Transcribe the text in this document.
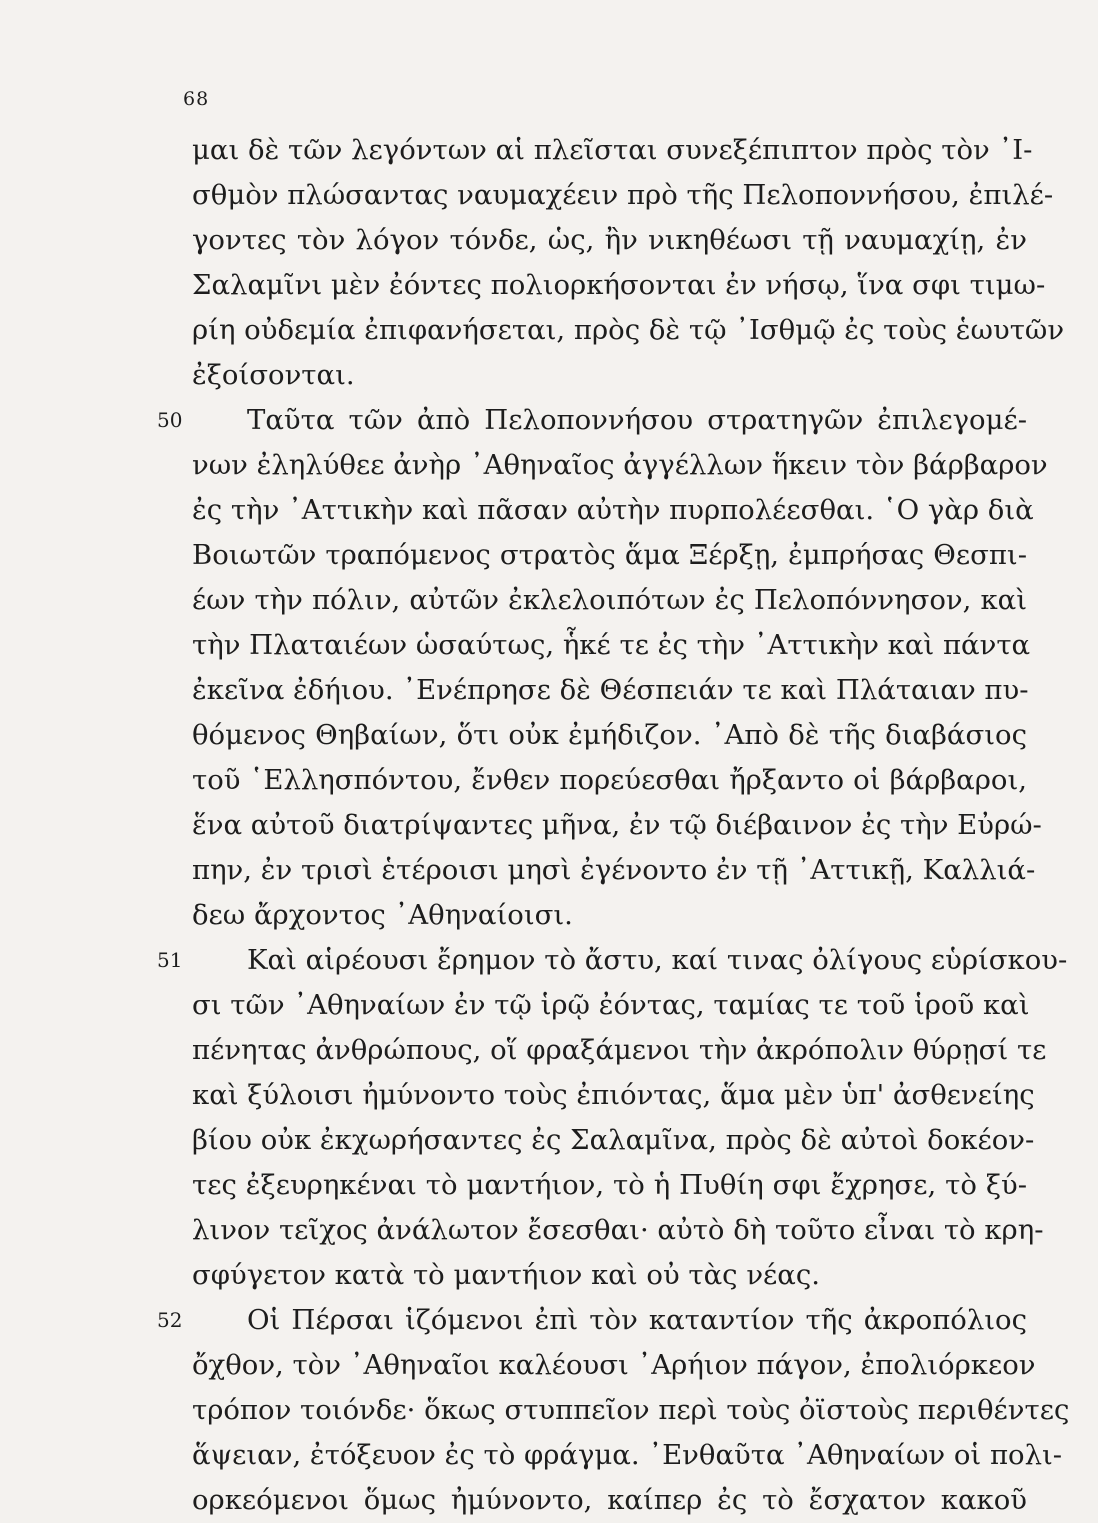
68
μαι δὲ τῶν λεγόντων αἱ πλεῖσται συνεξέπιπτον πρὸς τὸν ᾿Ι-
σθμὸν πλώσαντας ναυμαχέειν πρὸ τῆς Πελοποννήσου, ἐπιλέ-
γοντες τὸν λόγον τόνδε, ὡς, ἢν νικηθέωσι τῇ ναυμαχίῃ, ἐν
Σαλαμῖνι μὲν ἐόντες πολιορκήσονται ἐν νήσῳ, ἵνα σφι τιμω-
ρίη οὐδεμία ἐπιφανήσεται, πρὸς δὲ τῷ ᾿Ισθμῷ ἐς τοὺς ἑωυτῶν
ἐξοίσονται.
50	Ταῦτα τῶν ἀπὸ Πελοποννήσου στρατηγῶν ἐπιλεγομέ-
νων ἐληλύθεε ἀνὴρ ᾿Αθηναῖος ἀγγέλλων ἥκειν τὸν βάρβαρον
ἐς τὴν ᾿Αττικὴν καὶ πᾶσαν αὐτὴν πυρπολέεσθαι. ῾Ο γὰρ διὰ
Βοιωτῶν τραπόμενος στρατὸς ἅμα Ξέρξῃ, ἐμπρήσας Θεσπι-
έων τὴν πόλιν, αὐτῶν ἐκλελοιπότων ἐς Πελοπόννησον, καὶ
τὴν Πλαταιέων ὡσαύτως, ἧκέ τε ἐς τὴν ᾿Αττικὴν καὶ πάντα
ἐκεῖνα ἐδήιου. ᾿Ενέπρησε δὲ Θέσπειάν τε καὶ Πλάταιαν πυ-
θόμενος Θηβαίων, ὅτι οὐκ ἐμήδιζον. ᾿Απὸ δὲ τῆς διαβάσιος
τοῦ ῾Ελλησπόντου, ἔνθεν πορεύεσθαι ἤρξαντο οἱ βάρβαροι,
ἕνα αὐτοῦ διατρίψαντες μῆνα, ἐν τῷ διέβαινον ἐς τὴν Εὐρώ-
πην, ἐν τρισὶ ἑτέροισι μησὶ ἐγένοντο ἐν τῇ ᾿Αττικῇ, Καλλιά-
δεω ἄρχοντος ᾿Αθηναίοισι.
51	Καὶ αἱρέουσι ἔρημον τὸ ἄστυ, καί τινας ὀλίγους εὑρίσκου-
σι τῶν ᾿Αθηναίων ἐν τῷ ἱρῷ ἐόντας, ταμίας τε τοῦ ἱροῦ καὶ
πένητας ἀνθρώπους, οἵ φραξάμενοι τὴν ἀκρόπολιν θύρῃσί τε
καὶ ξύλοισι ἠμύνοντο τοὺς ἐπιόντας, ἅμα μὲν ὑπ' ἀσθενείης
βίου οὐκ ἐκχωρήσαντες ἐς Σαλαμῖνα, πρὸς δὲ αὐτοὶ δοκέον-
τες ἐξευρηκέναι τὸ μαντήιον, τὸ ἡ Πυθίη σφι ἔχρησε, τὸ ξύ-
λινον τεῖχος ἀνάλωτον ἔσεσθαι· αὐτὸ δὴ τοῦτο εἶναι τὸ κρη-
σφύγετον κατὰ τὸ μαντήιον καὶ οὐ τὰς νέας.
52	Οἱ Πέρσαι ἱζόμενοι ἐπὶ τὸν καταντίον τῆς ἀκροπόλιος
ὄχθον, τὸν ᾿Αθηναῖοι καλέουσι ᾿Αρήιον πάγον, ἐπολιόρκεον
τρόπον τοιόνδε· ὅκως στυππεῖον περὶ τοὺς ὀϊστοὺς περιθέντες
ἅψειαν, ἐτόξευον ἐς τὸ φράγμα. ᾿Ενθαῦτα ᾿Αθηναίων οἱ πολι-
ορκεόμενοι ὅμως ἠμύνοντο, καίπερ ἐς τὸ ἔσχατον κακοῦ
